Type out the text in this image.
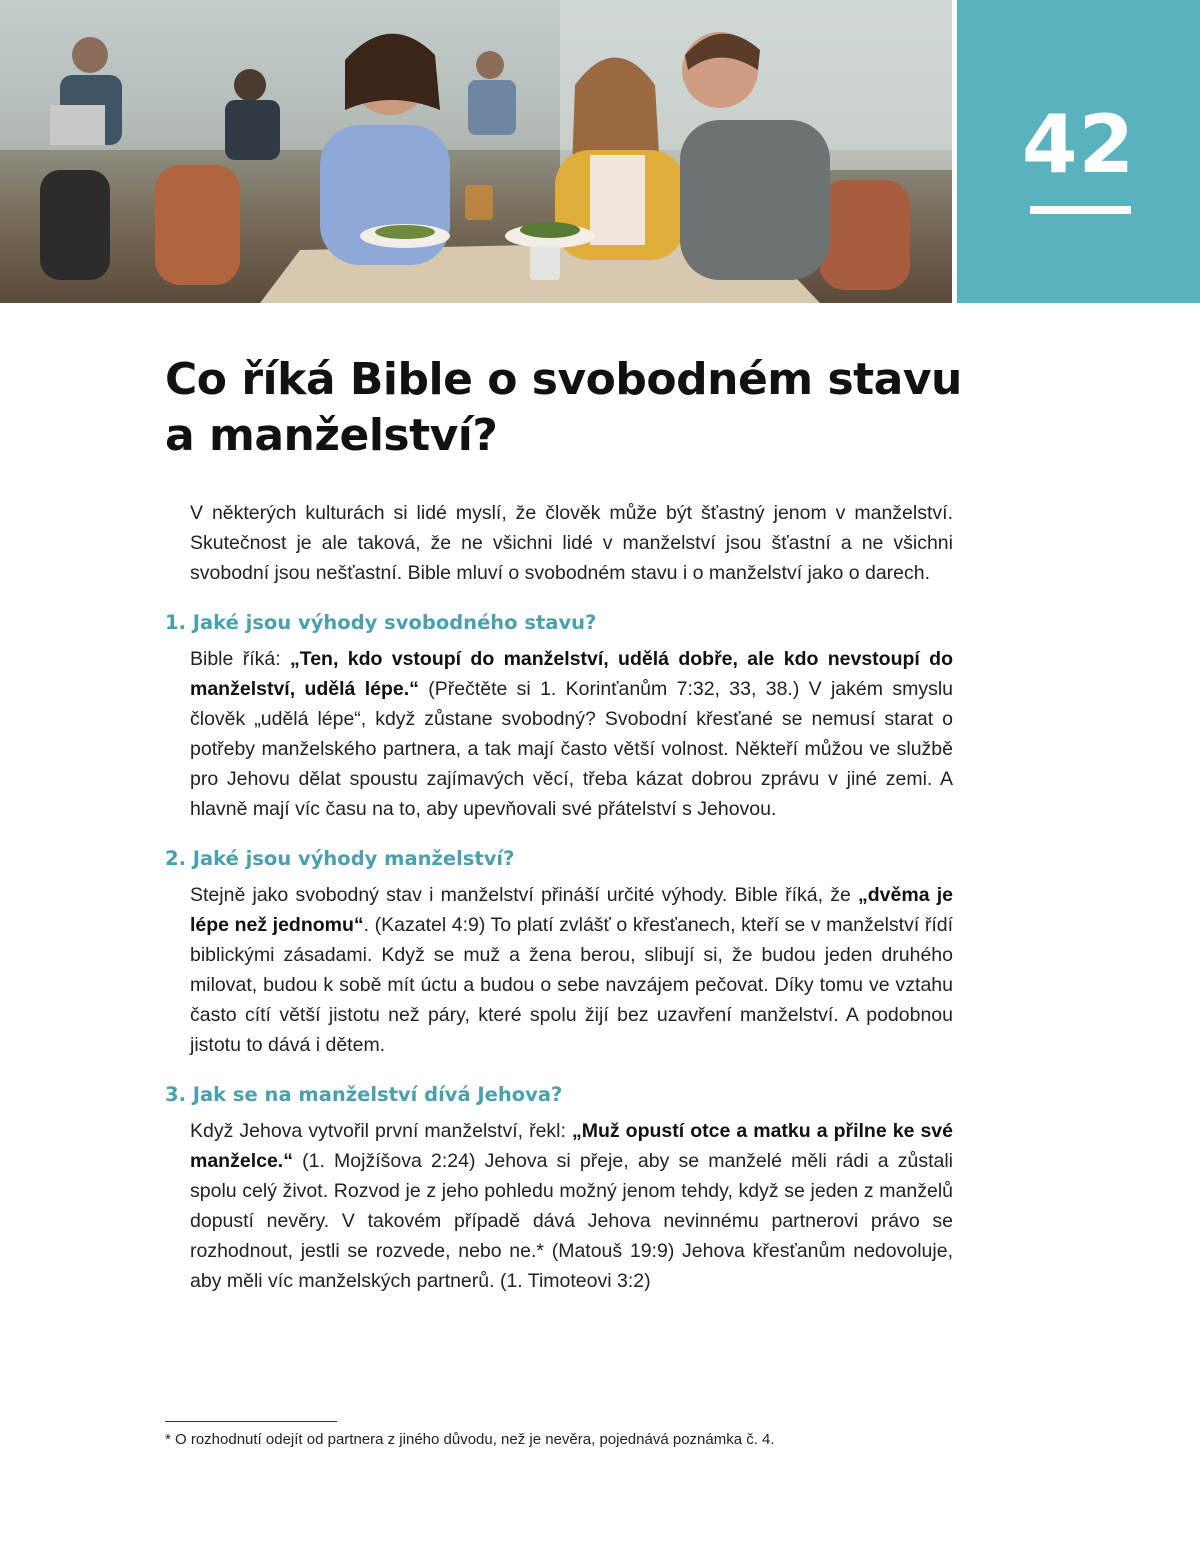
42
Co říká Bible o svobodném stavu a manželství?

V některých kulturách si lidé myslí, že člověk může být šťastný jenom v manželství. Skutečnost je ale taková, že ne všichni lidé v manželství jsou šťastní a ne všichni svobodní jsou nešťastní. Bible mluví o svobodném stavu i o manželství jako o darech.

1. Jaké jsou výhody svobodného stavu?

Bible říká: „Ten, kdo vstoupí do manželství, udělá dobře, ale kdo nevstoupí do manželství, udělá lépe.“ (Přečtěte si 1. Korinťanům 7:32, 33, 38.) V jakém smyslu člověk „udělá lépe“, když zůstane svobodný? Svobodní křesťané se nemusí starat o potřeby manželského partnera, a tak mají často větší volnost. Někteří můžou ve službě pro Jehovu dělat spoustu zajímavých věcí, třeba kázat dobrou zprávu v jiné zemi. A hlavně mají víc času na to, aby upevňovali své přátelství s Jehovou.

2. Jaké jsou výhody manželství?

Stejně jako svobodný stav i manželství přináší určité výhody. Bible říká, že „dvěma je lépe než jednomu“. (Kazatel 4:9) To platí zvlášť o křesťanech, kteří se v manželství řídí biblickými zásadami. Když se muž a žena berou, slibují si, že budou jeden druhého milovat, budou k sobě mít úctu a budou o sebe navzájem pečovat. Díky tomu ve vztahu často cítí větší jistotu než páry, které spolu žijí bez uzavření manželství. A podobnou jistotu to dává i dětem.

3. Jak se na manželství dívá Jehova?

Když Jehova vytvořil první manželství, řekl: „Muž opustí otce a matku a přilne ke své manželce.“ (1. Mojžíšova 2:24) Jehova si přeje, aby se manželé měli rádi a zůstali spolu celý život. Rozvod je z jeho pohledu možný jenom tehdy, když se jeden z manželů dopustí nevěry. V takovém případě dává Jehova nevinnému partnerovi právo se rozhodnout, jestli se rozvede, nebo ne.* (Matouš 19:9) Jehova křesťanům nedovoluje, aby měli víc manželských partnerů. (1. Timoteovi 3:2)

* O rozhodnutí odejít od partnera z jiného důvodu, než je nevěra, pojednává poznámka č. 4.
